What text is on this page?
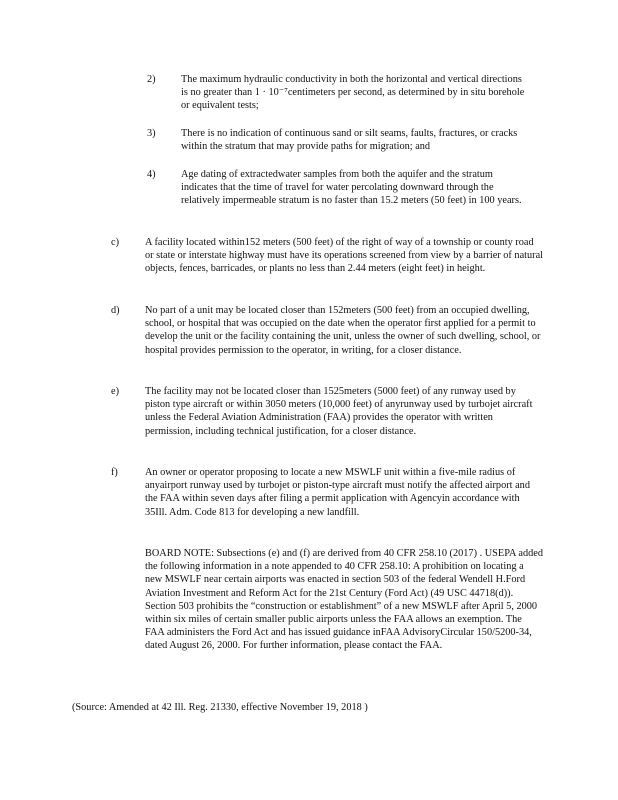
2) The maximum hydraulic conductivity in both the horizontal and vertical directions is no greater than 1 · 10⁻⁷centimeters per second, as determined by in situ borehole or equivalent tests;

3) There is no indication of continuous sand or silt seams, faults, fractures, or cracks within the stratum that may provide paths for migration; and

4) Age dating of extractedwater samples from both the aquifer and the stratum indicates that the time of travel for water percolating downward through the relatively impermeable stratum is no faster than 15.2 meters (50 feet) in 100 years.

c)	A facility located within152 meters (500 feet) of the right of way of a township or county road or state or interstate highway must have its operations screened from view by a barrier of natural objects, fences, barricades, or plants no less than 2.44 meters (eight feet) in height.

d) No part of a unit may be located closer than 152meters (500 feet) from an occupied dwelling, school, or hospital that was occupied on the date when the operator first applied for a permit to develop the unit or the facility containing the unit, unless the owner of such dwelling, school, or hospital provides permission to the operator, in writing, for a closer distance.

e)	The facility may not be located closer than 1525meters (5000 feet) of any runway used by piston type aircraft or within 3050 meters (10,000 feet) of anyrunway used by turbojet aircraft unless the Federal Aviation Administration (FAA) provides the operator with written permission, including technical justification, for a closer distance.

f)	An owner or operator proposing to locate a new MSWLF unit within a five-mile radius of anyairport runway used by turbojet or piston-type aircraft must notify the affected airport and the FAA within seven days after filing a permit application with Agencyin accordance with 35Ill. Adm. Code 813 for developing a new landfill.

BOARD NOTE: Subsections (e) and (f) are derived from 40 CFR 258.10 (2017) . USEPA added the following information in a note appended to 40 CFR 258.10: A prohibition on locating a new MSWLF near certain airports was enacted in section 503 of the federal Wendell H.Ford Aviation Investment and Reform Act for the 21st Century (Ford Act) (49 USC 44718(d)). Section 503 prohibits the “construction or establishment” of a new MSWLF after April 5, 2000 within six miles of certain smaller public airports unless the FAA allows an exemption. The FAA administers the Ford Act and has issued guidance inFAA AdvisoryCircular 150/5200-34, dated August 26, 2000. For further information, please contact the FAA.

(Source: Amended at 42 Ill. Reg. 21330, effective November 19, 2018 )
